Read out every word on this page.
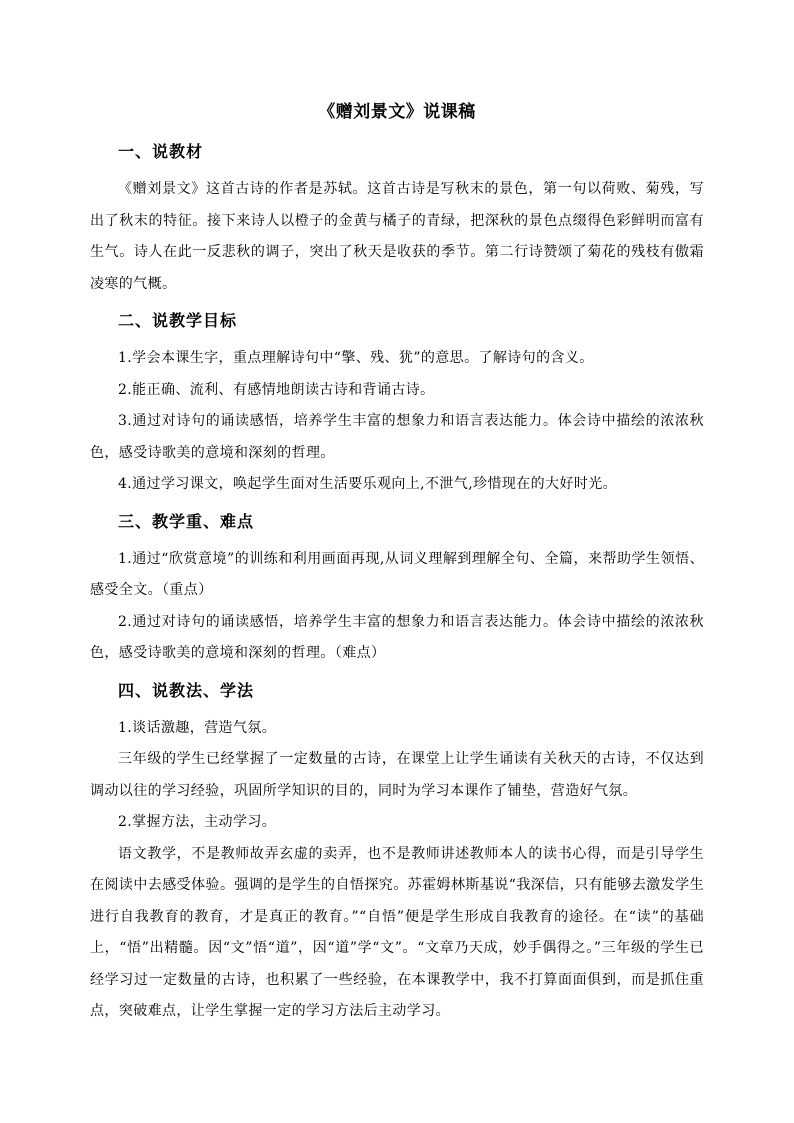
《赠刘景文》说课稿
一、说教材

《赠刘景文》这首古诗的作者是苏轼。这首古诗是写秋末的景色，第一句以荷败、菊残，写出了秋末的特征。接下来诗人以橙子的金黄与橘子的青绿，把深秋的景色点缀得色彩鲜明而富有生气。诗人在此一反悲秋的调子，突出了秋天是收获的季节。第二行诗赞颂了菊花的残枝有傲霜凌寒的气概。

二、说教学目标

1.学会本课生字，重点理解诗句中“擎、残、犹”的意思。了解诗句的含义。

2.能正确、流利、有感情地朗读古诗和背诵古诗。

3.通过对诗句的诵读感悟，培养学生丰富的想象力和语言表达能力。体会诗中描绘的浓浓秋色，感受诗歌美的意境和深刻的哲理。

4.通过学习课文，唤起学生面对生活要乐观向上,不泄气,珍惜现在的大好时光。

三、教学重、难点

1.通过“欣赏意境”的训练和利用画面再现,从词义理解到理解全句、全篇，来帮助学生领悟、感受全文。（重点）

2.通过对诗句的诵读感悟，培养学生丰富的想象力和语言表达能力。体会诗中描绘的浓浓秋色，感受诗歌美的意境和深刻的哲理。（难点）

四、说教法、学法

1.谈话激趣，营造气氛。

三年级的学生已经掌握了一定数量的古诗，在课堂上让学生诵读有关秋天的古诗，不仅达到调动以往的学习经验，巩固所学知识的目的，同时为学习本课作了铺垫，营造好气氛。

2.掌握方法，主动学习。

语文教学，不是教师故弄玄虚的卖弄，也不是教师讲述教师本人的读书心得，而是引导学生在阅读中去感受体验。强调的是学生的自悟探究。苏霍姆林斯基说“我深信，只有能够去激发学生进行自我教育的教育，才是真正的教育。”“自悟”便是学生形成自我教育的途径。在“读”的基础上，“悟”出精髓。因“文”悟“道”，因“道”学“文”。“文章乃天成，妙手偶得之。”三年级的学生已经学习过一定数量的古诗，也积累了一些经验，在本课教学中，我不打算面面俱到，而是抓住重点，突破难点，让学生掌握一定的学习方法后主动学习。
